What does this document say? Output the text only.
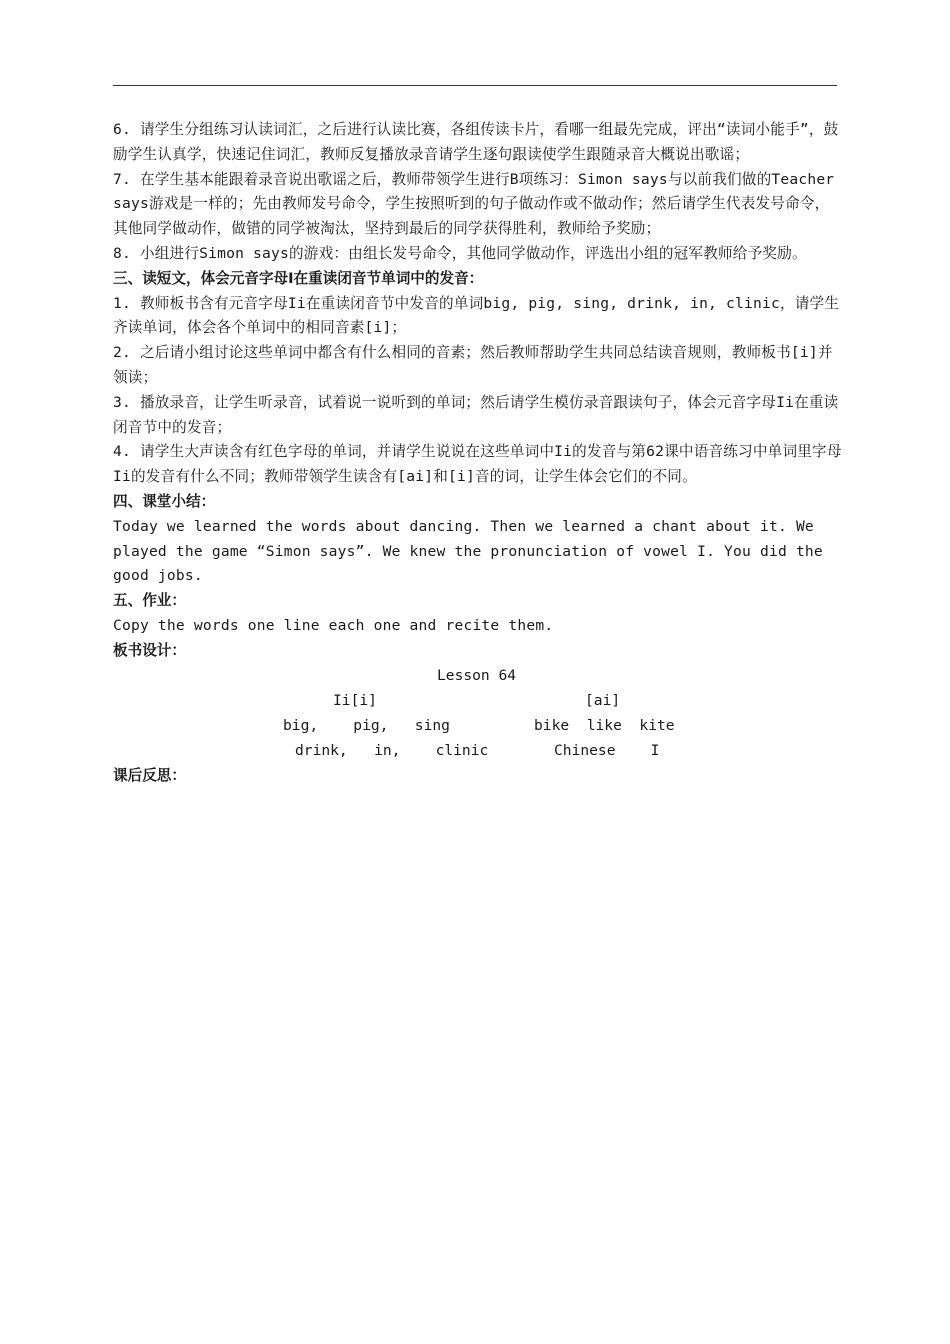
6. 请学生分组练习认读词汇，之后进行认读比赛，各组传读卡片，看哪一组最先完成，评出“读词小能手”，鼓励学生认真学，快速记住词汇，教师反复播放录音请学生逐句跟读使学生跟随录音大概说出歌谣；

7. 在学生基本能跟着录音说出歌谣之后，教师带领学生进行B项练习：Simon says与以前我们做的Teacher says游戏是一样的；先由教师发号命令，学生按照听到的句子做动作或不做动作；然后请学生代表发号命令，其他同学做动作，做错的同学被淘汰，坚持到最后的同学获得胜利，教师给予奖励；

8. 小组进行Simon says的游戏：由组长发号命令，其他同学做动作，评选出小组的冠军教师给予奖励。

三、读短文，体会元音字母I在重读闭音节单词中的发音：

1. 教师板书含有元音字母Ii在重读闭音节中发音的单词big, pig, sing, drink, in, clinic，请学生齐读单词，体会各个单词中的相同音素[i]；

2. 之后请小组讨论这些单词中都含有什么相同的音素；然后教师帮助学生共同总结读音规则，教师板书[i]并领读；

3. 播放录音，让学生听录音，试着说一说听到的单词；然后请学生模仿录音跟读句子，体会元音字母Ii在重读闭音节中的发音；

4. 请学生大声读含有红色字母的单词，并请学生说说在这些单词中Ii的发音与第62课中语音练习中单词里字母Ii的发音有什么不同；教师带领学生读含有[ai]和[i]音的词，让学生体会它们的不同。

四、课堂小结：

Today we learned the words about dancing. Then we learned a chant about it. We played the game “Simon says”. We knew the pronunciation of vowel I. You did the good jobs.

五、作业：

Copy the words one line each one and recite them.

板书设计：

Lesson 64
Ii[i]	[ai]
big,    pig,   sing	bike  like  kite
drink,   in,    clinic	Chinese    I

课后反思：
